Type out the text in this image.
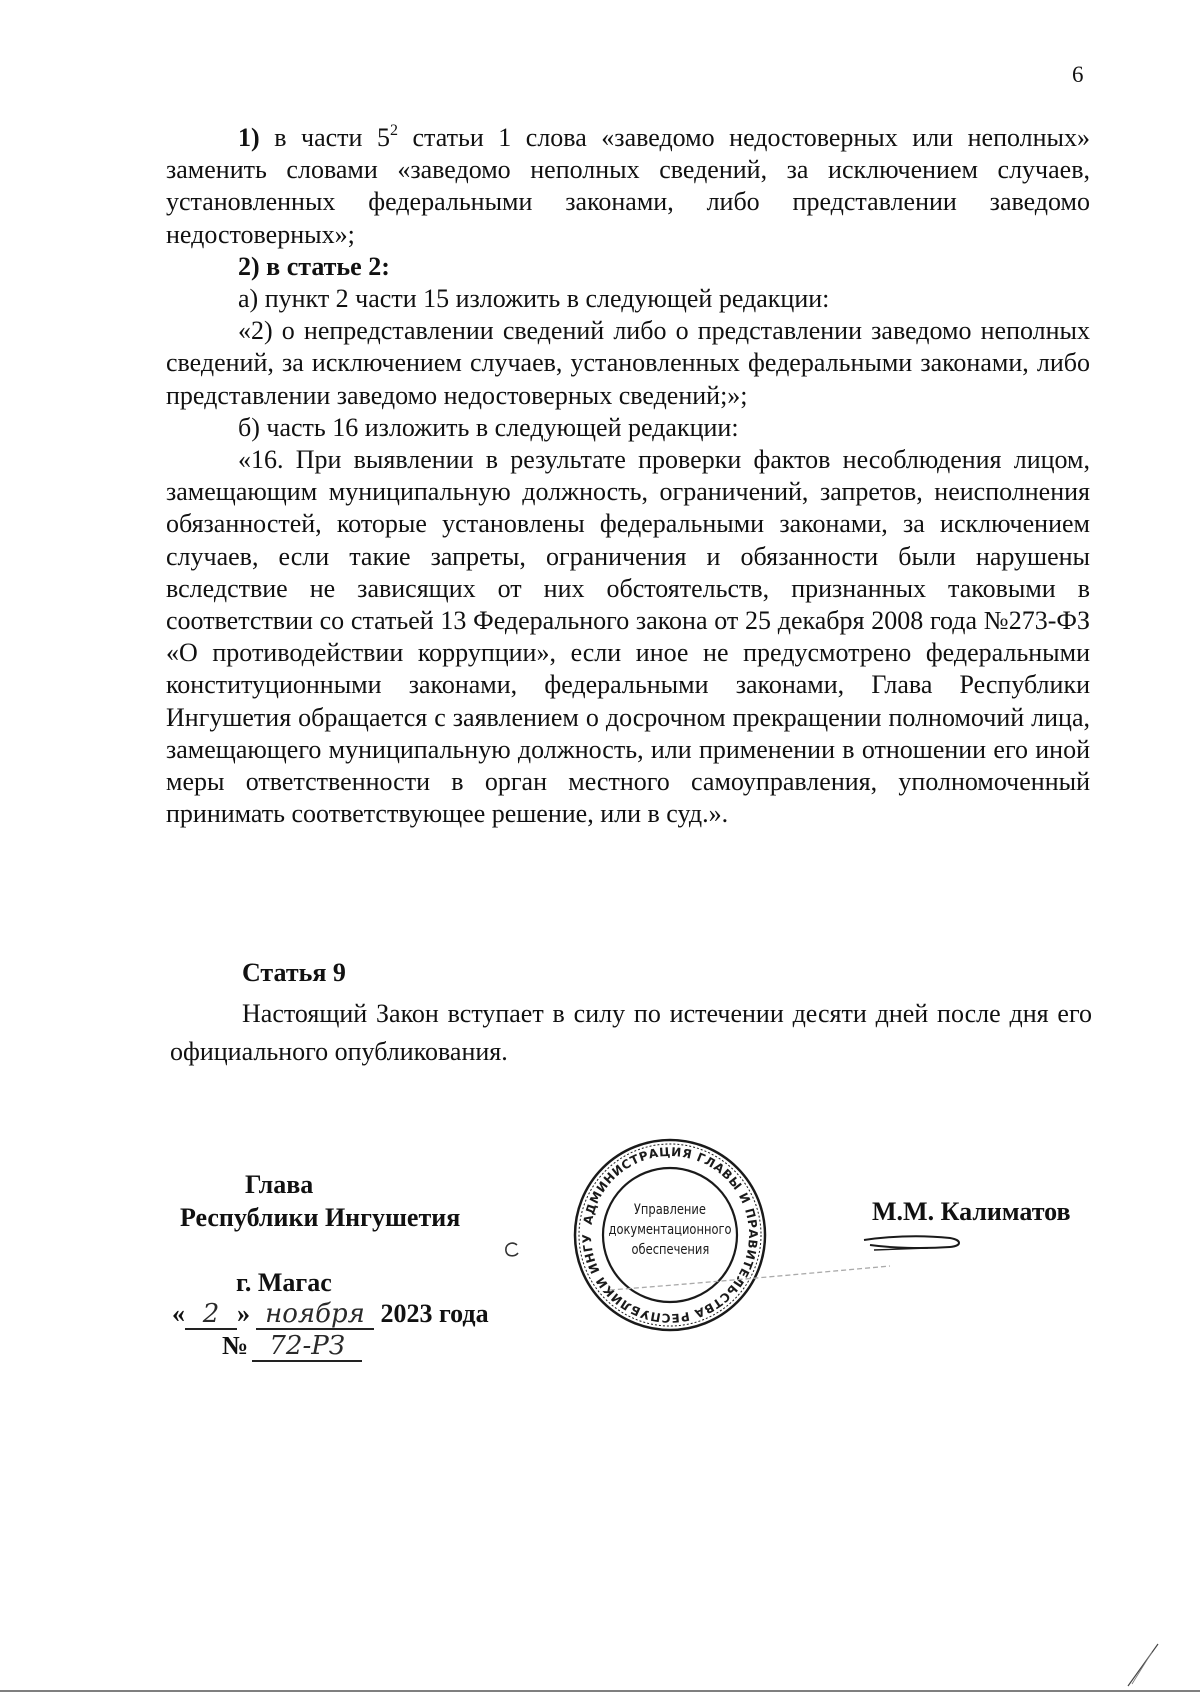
6

1) в части $5^2$ статьи 1 слова «заведомо недостоверных или неполных» заменить словами «заведомо неполных сведений, за исключением случаев, установленных федеральными законами, либо представлении заведомо недостоверных»;

2) в статье 2:

а) пункт 2 части 15 изложить в следующей редакции:

«2) о непредставлении сведений либо о представлении заведомо неполных сведений, за исключением случаев, установленных федеральными законами, либо представлении заведомо недостоверных сведений;»;

б) часть 16 изложить в следующей редакции:

«16. При выявлении в результате проверки фактов несоблюдения лицом, замещающим муниципальную должность, ограничений, запретов, неисполнения обязанностей, которые установлены федеральными законами, за исключением случаев, если такие запреты, ограничения и обязанности были нарушены вследствие не зависящих от них обстоятельств, признанных таковыми в соответствии со статьей 13 Федерального закона от 25 декабря 2008 года №273-ФЗ «О противодействии коррупции», если иное не предусмотрено федеральными конституционными законами, федеральными законами, Глава Республики Ингушетия обращается с заявлением о досрочном прекращении полномочий лица, замещающего муниципальную должность, или применении в отношении его иной меры ответственности в орган местного самоуправления, уполномоченный принимать соответствующее решение, или в суд.».

Статья 9

Настоящий Закон вступает в силу по истечении десяти дней после дня его официального опубликования.

Глава
Республики Ингушетия
г. Магас
« 2 » ноября 2023 года
№ 72-РЗ
АДМИНИСТРАЦИЯ ГЛАВЫ И ПРАВИТЕЛЬСТВА РЕСПУБЛИКИ ИНГУ
Управление
документационного
обеспечения
М.М. Калиматов
